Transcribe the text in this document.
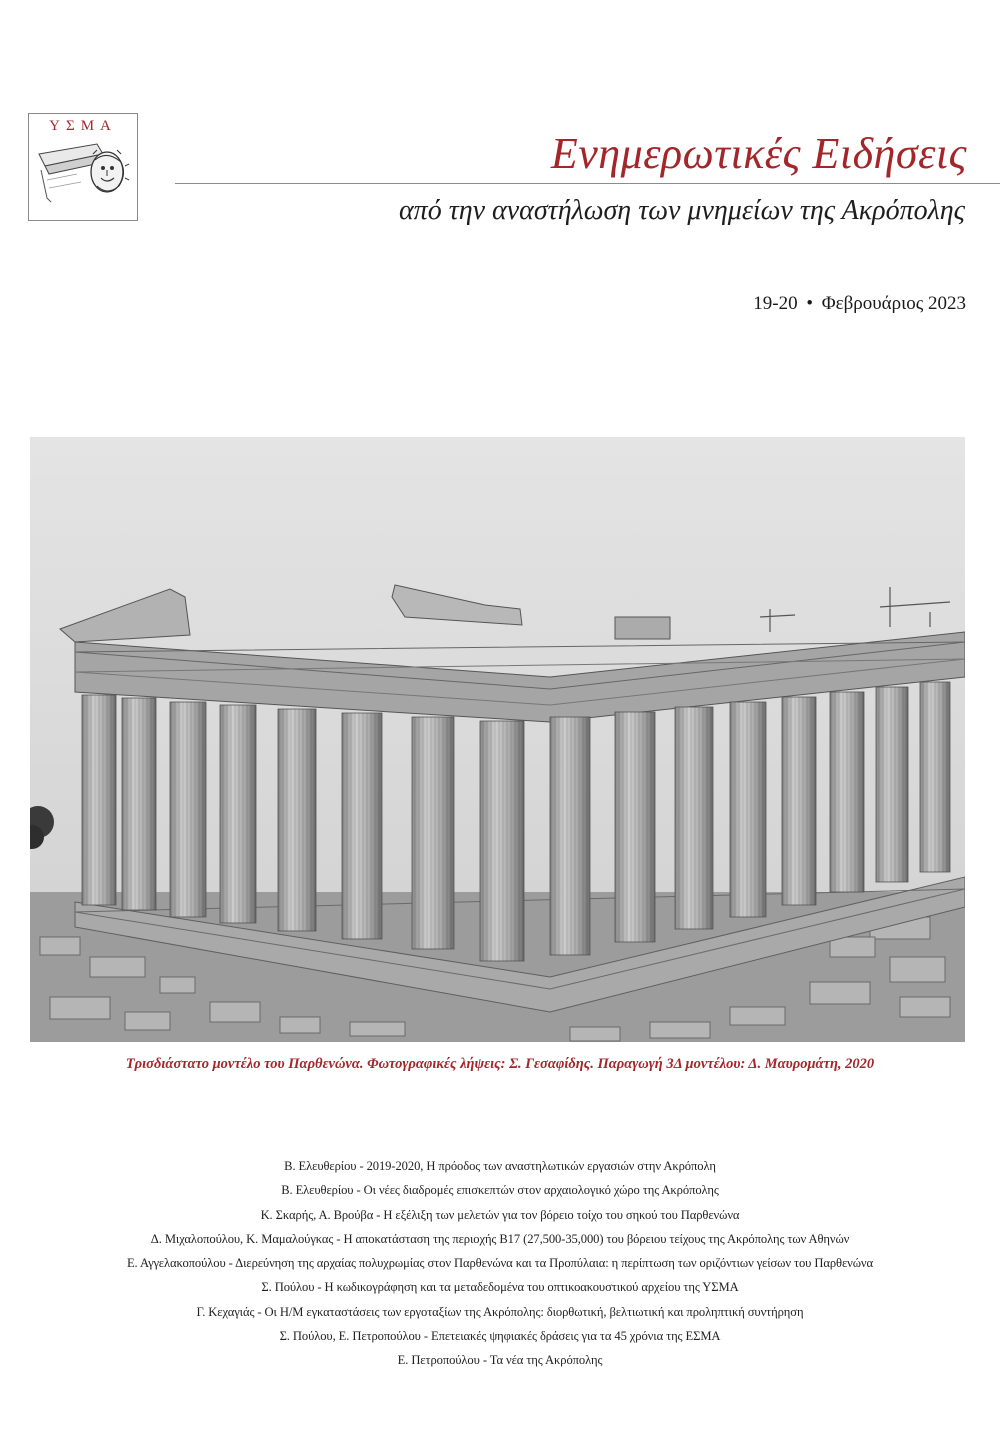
ΥΣΜΑ
Ενημερωτικές Ειδήσεις
από την αναστήλωση των μνημείων της Ακρόπολης
19-20 • Φεβρουάριος 2023
Τρισδιάστατο μοντέλο του Παρθενώνα. Φωτογραφικές λήψεις: Σ. Γεσαφίδης. Παραγωγή 3Δ μοντέλου: Δ. Μαυρομάτη, 2020
Β. Ελευθερίου - 2019-2020, Η πρόοδος των αναστηλωτικών εργασιών στην Ακρόπολη
Β. Ελευθερίου - Οι νέες διαδρομές επισκεπτών στον αρχαιολογικό χώρο της Ακρόπολης
Κ. Σκαρής, Α. Βρούβα - Η εξέλιξη των μελετών για τον βόρειο τοίχο του σηκού του Παρθενώνα
Δ. Μιχαλοπούλου, Κ. Μαμαλούγκας - Η αποκατάσταση της περιοχής Β17 (27,500-35,000) του βόρειου τείχους της Ακρόπολης των Αθηνών
Ε. Αγγελακοπούλου - Διερεύνηση της αρχαίας πολυχρωμίας στον Παρθενώνα και τα Προπύλαια: η περίπτωση των οριζόντιων γείσων του Παρθενώνα
Σ. Πούλου - Η κωδικογράφηση και τα μεταδεδομένα του οπτικοακουστικού αρχείου της ΥΣΜΑ
Γ. Κεχαγιάς - Οι Η/Μ εγκαταστάσεις των εργοταξίων της Ακρόπολης: διορθωτική, βελτιωτική και προληπτική συντήρηση
Σ. Πούλου, Ε. Πετροπούλου - Επετειακές ψηφιακές δράσεις για τα 45 χρόνια της ΕΣΜΑ
Ε. Πετροπούλου - Τα νέα της Ακρόπολης
